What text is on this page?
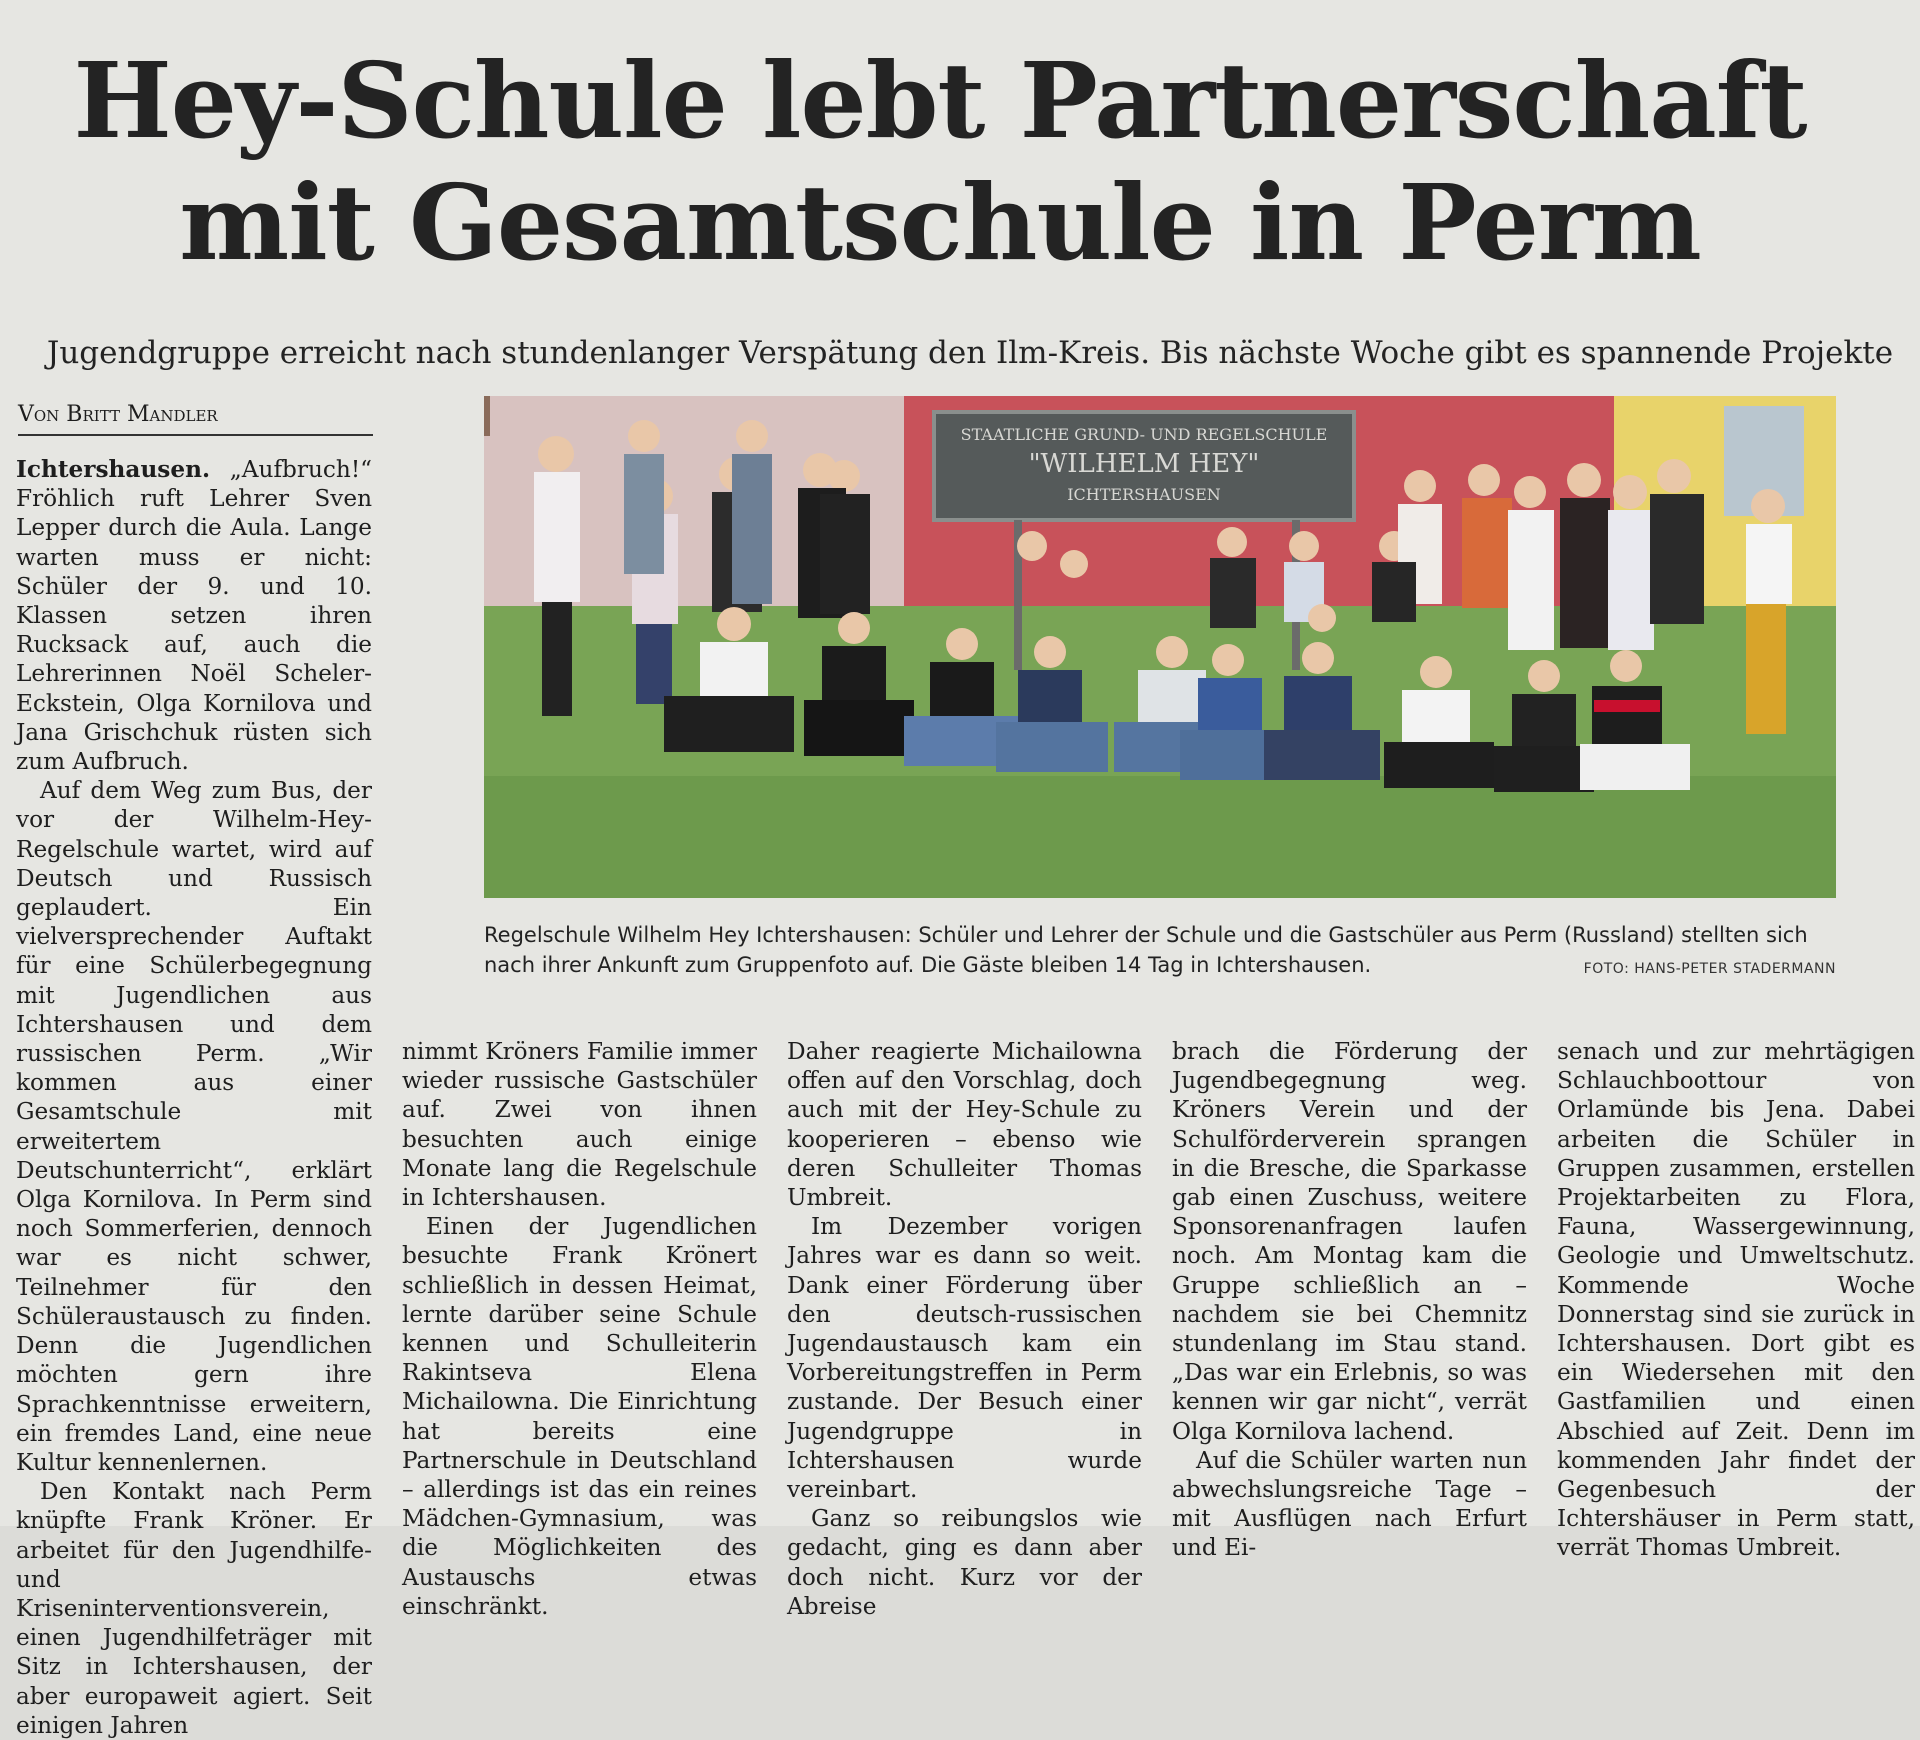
Hey-Schule lebt Partnerschaft
mit Gesamtschule in Perm
Jugendgruppe erreicht nach stundenlanger Verspätung den Ilm-Kreis. Bis nächste Woche gibt es spannende Projekte
Von Britt Mandler

Ichtershausen. „Aufbruch!“ Fröhlich ruft Lehrer Sven Lepper durch die Aula. Lange warten muss er nicht: Schüler der 9. und 10. Klassen setzen ihren Rucksack auf, auch die Lehrerinnen Noël Scheler-Eckstein, Olga Kornilova und Jana Grischchuk rüsten sich zum Aufbruch.

Auf dem Weg zum Bus, der vor der Wilhelm-Hey-Regelschule wartet, wird auf Deutsch und Russisch geplaudert. Ein vielversprechender Auftakt für eine Schülerbegegnung mit Jugendlichen aus Ichtershausen und dem russischen Perm. „Wir kommen aus einer Gesamtschule mit erweitertem Deutschunterricht“, erklärt Olga Kornilova. In Perm sind noch Sommerferien, dennoch war es nicht schwer, Teilnehmer für den Schüleraustausch zu finden. Denn die Jugendlichen möchten gern ihre Sprachkenntnisse erweitern, ein fremdes Land, eine neue Kultur kennenlernen.

Den Kontakt nach Perm knüpfte Frank Kröner. Er arbeitet für den Jugendhilfe- und Kriseninterventionsverein, einen Jugendhilfeträger mit Sitz in Ichtershausen, der aber europaweit agiert. Seit einigen Jahren

STAATLICHE GRUND- UND REGELSCHULE
"WILHELM HEY"
ICHTERSHAUSEN
Regelschule Wilhelm Hey Ichtershausen: Schüler und Lehrer der Schule und die Gastschüler aus Perm (Russland) stellten sich nach ihrer Ankunft zum Gruppenfoto auf. Die Gäste bleiben 14 Tag in Ichtershausen.	FOTO: HANS-PETER STADERMANN

nimmt Kröners Familie immer wieder russische Gastschüler auf. Zwei von ihnen besuchten auch einige Monate lang die Regelschule in Ichtershausen.

Einen der Jugendlichen besuchte Frank Krönert schließlich in dessen Heimat, lernte darüber seine Schule kennen und Schulleiterin Rakintseva Elena Michailowna. Die Einrichtung hat bereits eine Partnerschule in Deutschland – allerdings ist das ein reines Mädchen-Gymnasium, was die Möglichkeiten des Austauschs etwas einschränkt.

Daher reagierte Michailowna offen auf den Vorschlag, doch auch mit der Hey-Schule zu kooperieren – ebenso wie deren Schulleiter Thomas Umbreit.

Im Dezember vorigen Jahres war es dann so weit. Dank einer Förderung über den deutsch-russischen Jugendaustausch kam ein Vorbereitungstreffen in Perm zustande. Der Besuch einer Jugendgruppe in Ichtershausen wurde vereinbart.

Ganz so reibungslos wie gedacht, ging es dann aber doch nicht. Kurz vor der Abreise

brach die Förderung der Jugendbegegnung weg. Kröners Verein und der Schulförderverein sprangen in die Bresche, die Sparkasse gab einen Zuschuss, weitere Sponsorenanfragen laufen noch. Am Montag kam die Gruppe schließlich an – nachdem sie bei Chemnitz stundenlang im Stau stand. „Das war ein Erlebnis, so was kennen wir gar nicht“, verrät Olga Kornilova lachend.

Auf die Schüler warten nun abwechslungsreiche Tage – mit Ausflügen nach Erfurt und Ei-

senach und zur mehrtägigen Schlauchboottour von Orlamünde bis Jena. Dabei arbeiten die Schüler in Gruppen zusammen, erstellen Projektarbeiten zu Flora, Fauna, Wassergewinnung, Geologie und Umweltschutz. Kommende Woche Donnerstag sind sie zurück in Ichtershausen. Dort gibt es ein Wiedersehen mit den Gastfamilien und einen Abschied auf Zeit. Denn im kommenden Jahr findet der Gegenbesuch der Ichtershäuser in Perm statt, verrät Thomas Umbreit.
